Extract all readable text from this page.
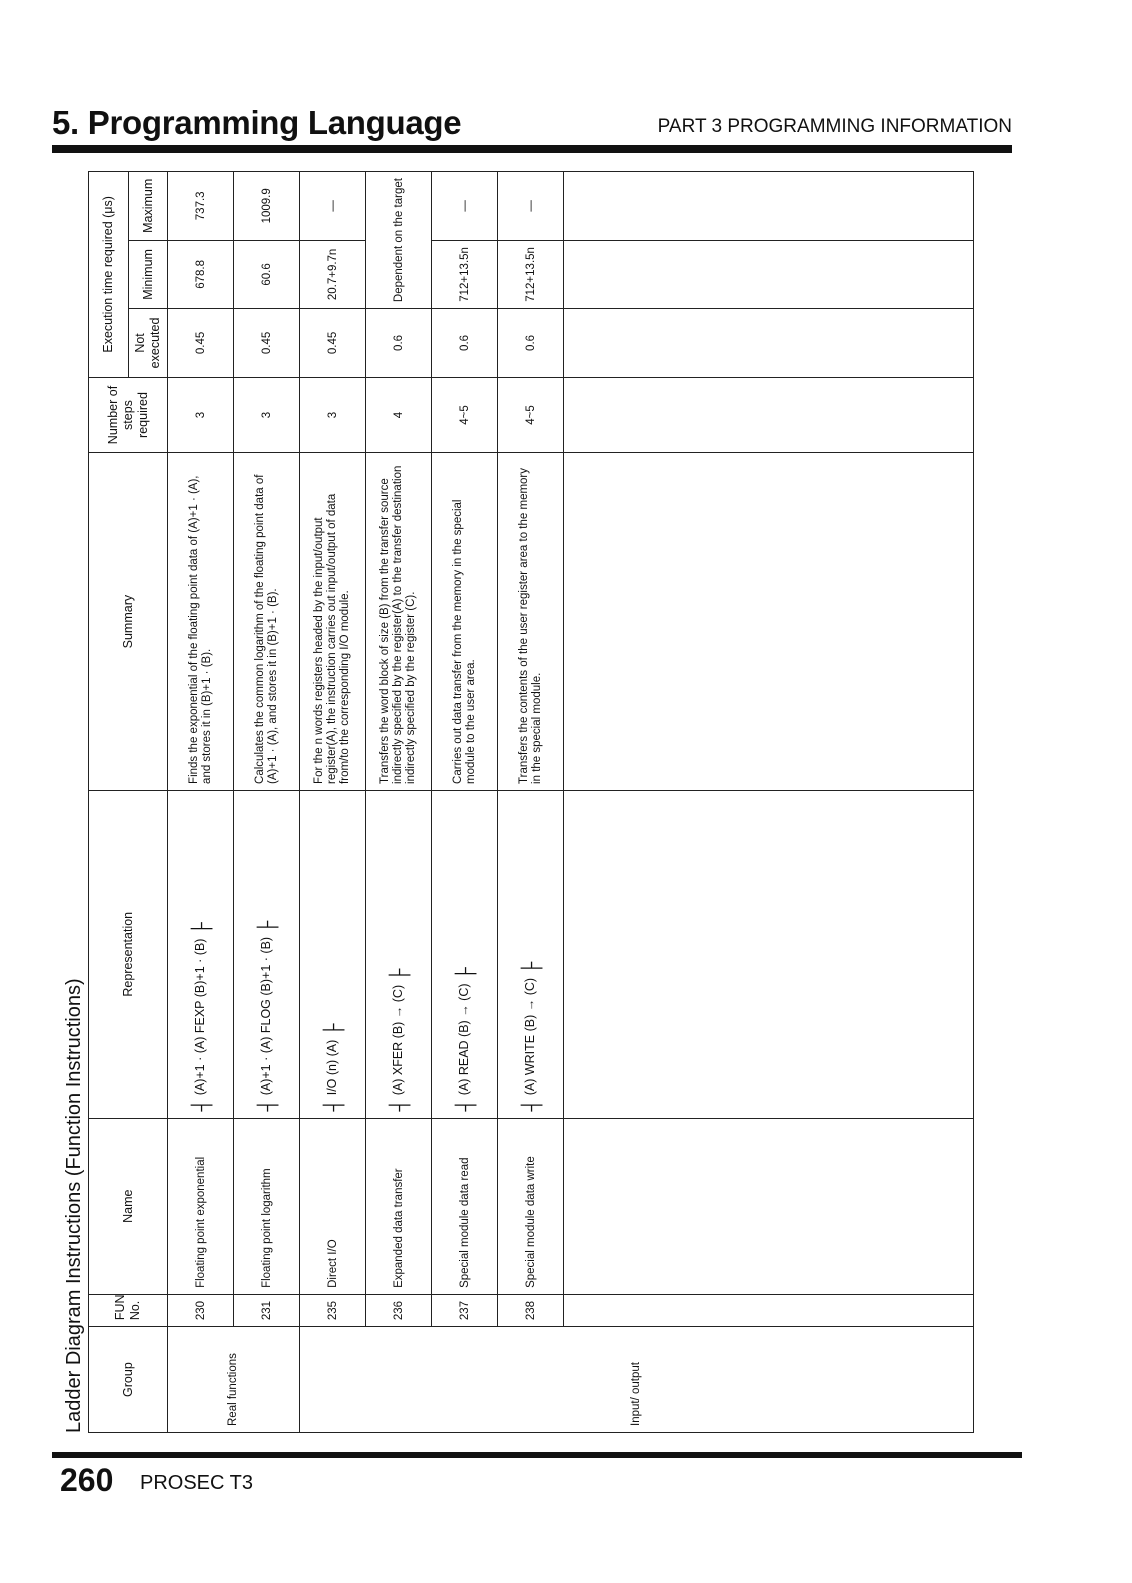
5. Programming Language	PART 3 PROGRAMMING INFORMATION
Ladder Diagram Instructions (Function Instructions)	Group	FUN No.	Name	Representation	Summary	Number of steps required	Execution time required (μs)		
						Not executed	Minimum	Maximum
Real functions	230	Floating point exponential	┤ (A)+1 · (A) FEXP (B)+1 · (B) ├	Finds the exponential of the floating point data of (A)+1 · (A), and stores it in (B)+1 · (B).	3	0.45	678.8	737.3
	231	Floating point logarithm	┤ (A)+1 · (A) FLOG (B)+1 · (B) ├	Calculates the common logarithm of the floating point data of (A)+1 · (A), and stores it in (B)+1 · (B).	3	0.45	60.6	1009.9
Input/ output	235	Direct I/O	┤ I/O (n) (A) ├	For the n words registers headed by the input/output register(A), the instruction carries out input/output of data from/to the corresponding I/O module.	3	0.45	20.7+9.7n	—
	236	Expanded data transfer	┤ (A) XFER (B) → (C) ├	Transfers the word block of size (B) from the transfer source indirectly specified by the register(A) to the transfer destination indirectly specified by the register (C).	4	0.6	Dependent on the target	
	237	Special module data read	┤ (A) READ (B) → (C) ├	Carries out data transfer from the memory in the special module to the user area.	4~5	0.6	712+13.5n	—
	238	Special module data write	┤ (A) WRITE (B) → (C) ├	Transfers the contents of the user register area to the memory in the special module.	4~5	0.6	712+13.5n	—

260 PROSEC T3
